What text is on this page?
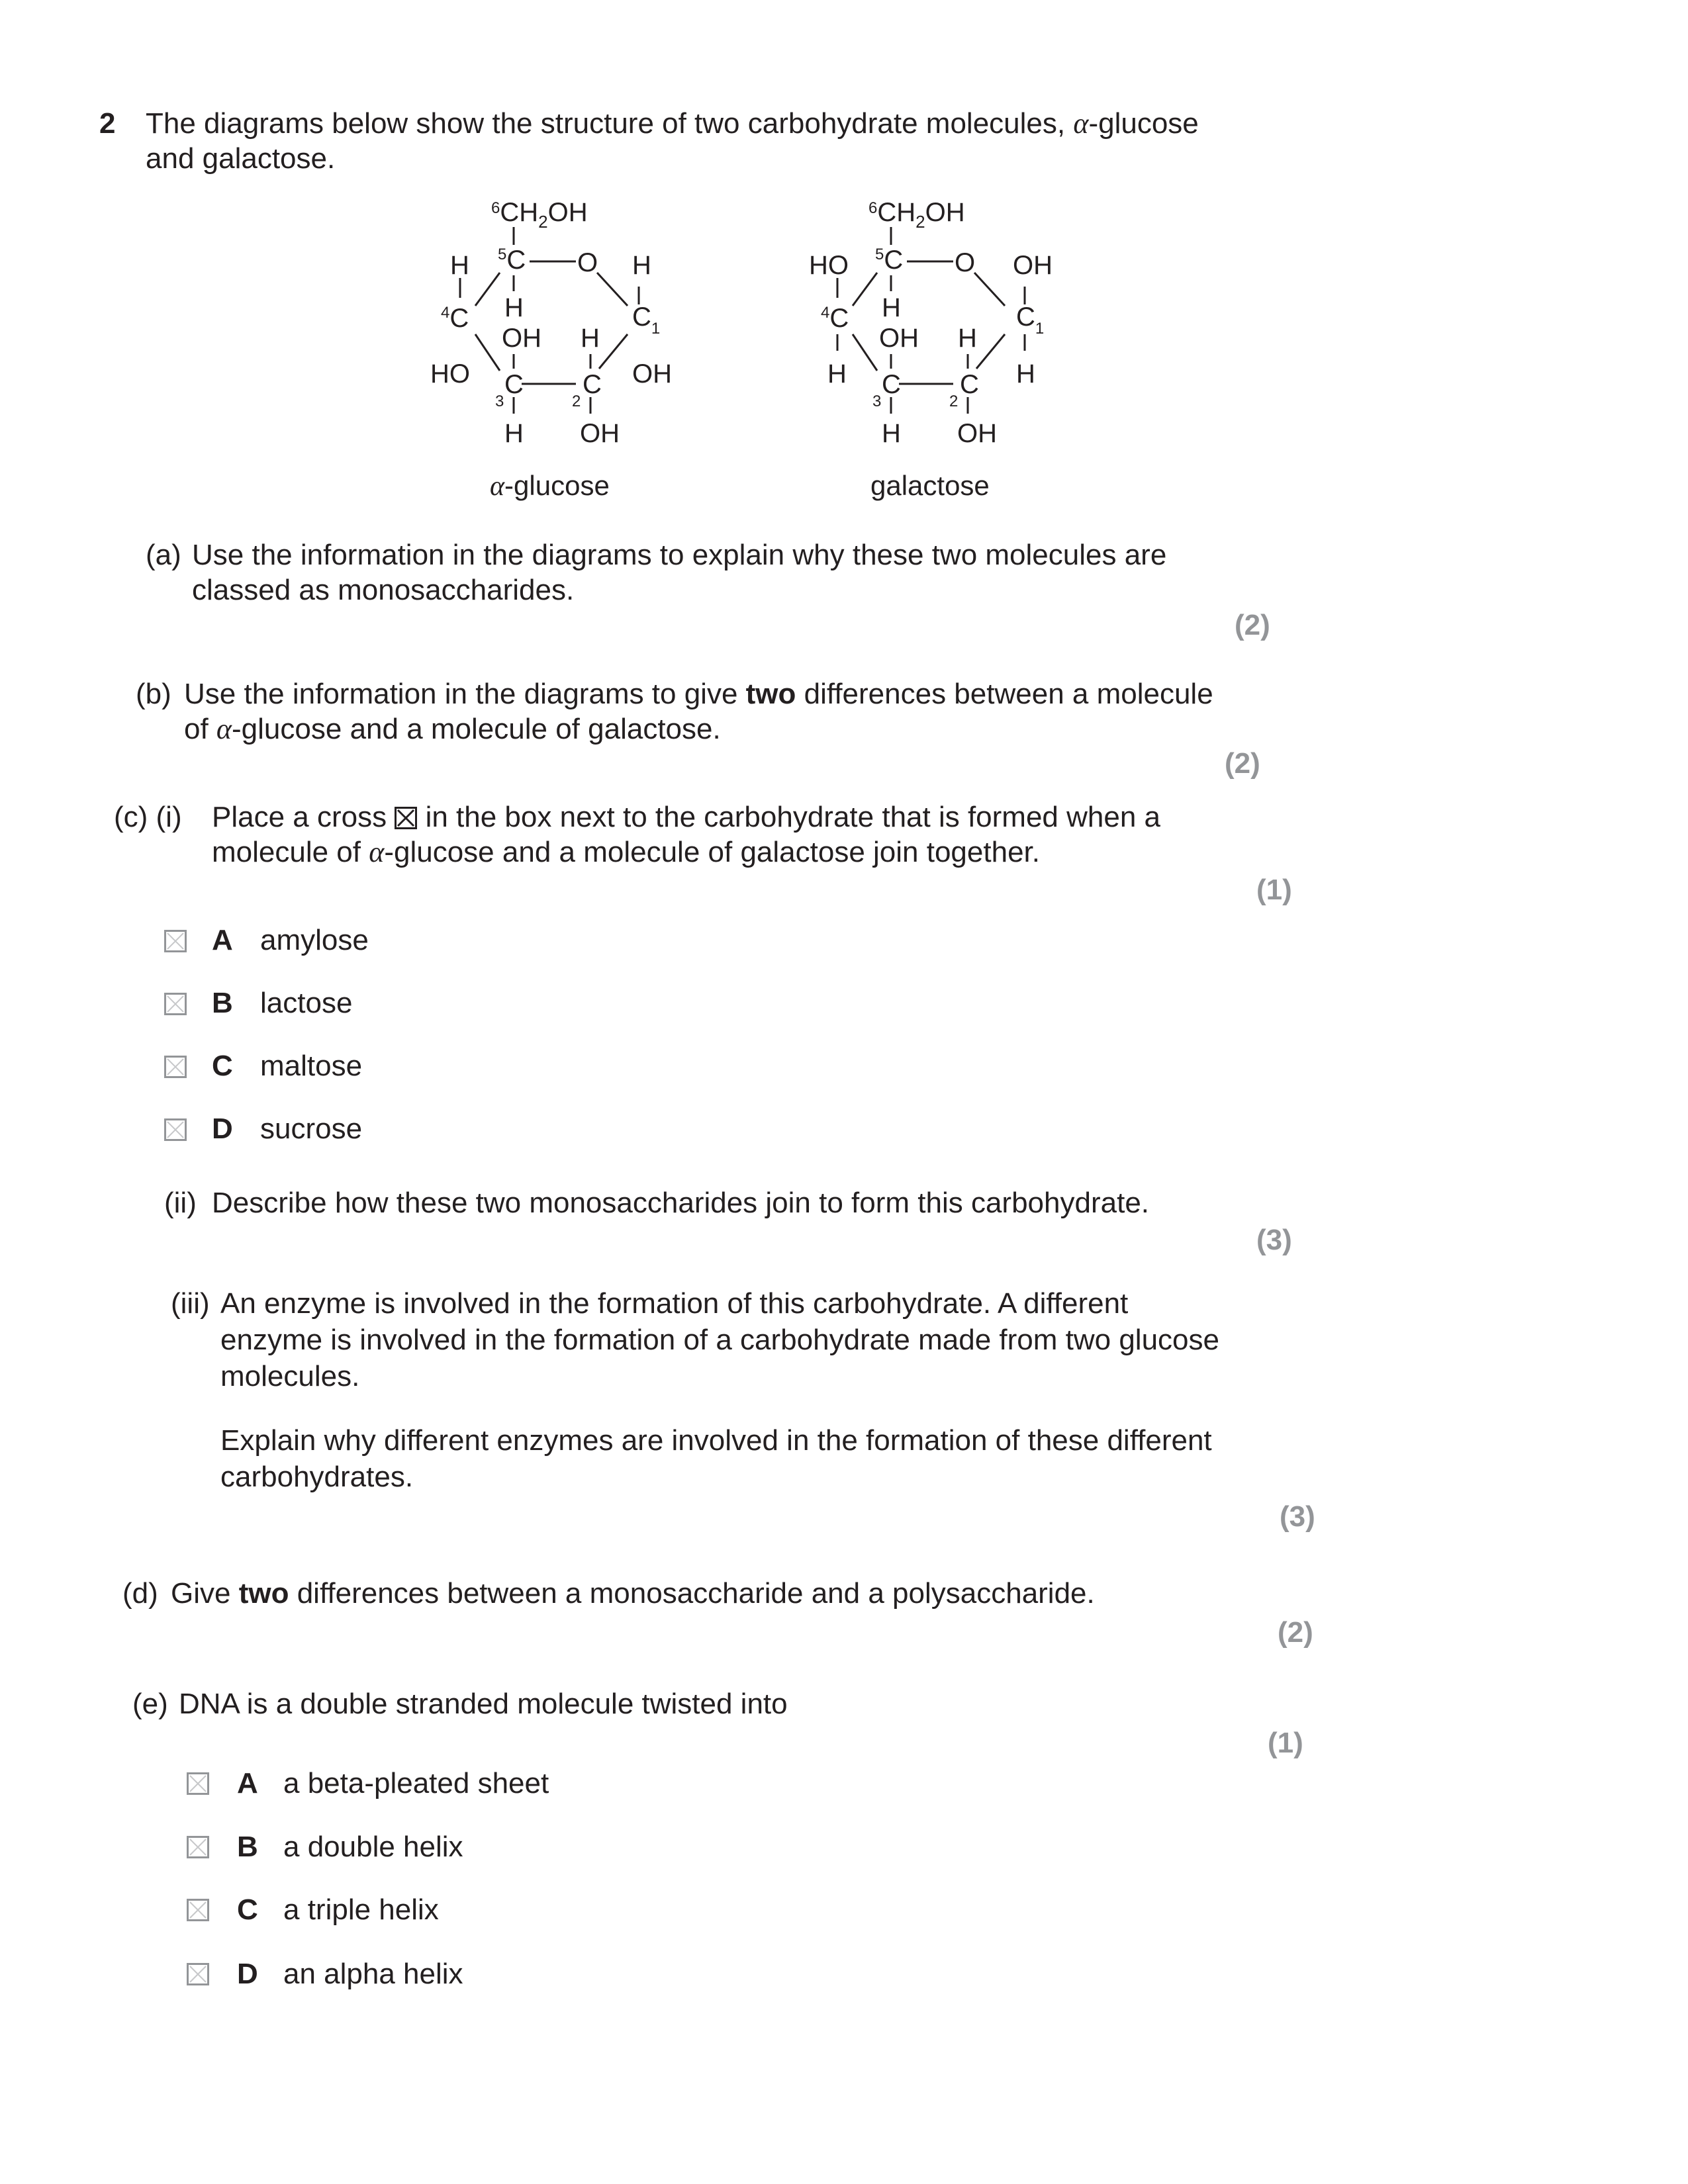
2 The diagrams below show the structure of two carbohydrate molecules, α-glucose
and galactose.
$^6CH_2OH$
$^5$C O
H	H
$^4$C H	$C_1$
OH H
HO	OH
C C
3	2
H OH
$^6CH_2OH$
$^5$C O
HO	OH
$^4$C H	$C_1$
OH H
H	H
C C
3	2
H OH
α-glucose	galactose
(a) Use the information in the diagrams to explain why these two molecules are
classed as monosaccharides.
(2)
(b) Use the information in the diagrams to give two differences between a molecule
of α-glucose and a molecule of galactose.
(2)
(c) (i) Place a cross ☒ in the box next to the carbohydrate that is formed when a
molecule of α-glucose and a molecule of galactose join together.
(1)
A amylose
B lactose
C maltose
D sucrose
(ii) Describe how these two monosaccharides join to form this carbohydrate.
(3)
(iii) An enzyme is involved in the formation of this carbohydrate. A different
enzyme is involved in the formation of a carbohydrate made from two glucose
molecules.
Explain why different enzymes are involved in the formation of these different
carbohydrates.
(3)
(d) Give two differences between a monosaccharide and a polysaccharide.
(2)
(e) DNA is a double stranded molecule twisted into
(1)
A a beta-pleated sheet
B a double helix
C a triple helix
D an alpha helix
